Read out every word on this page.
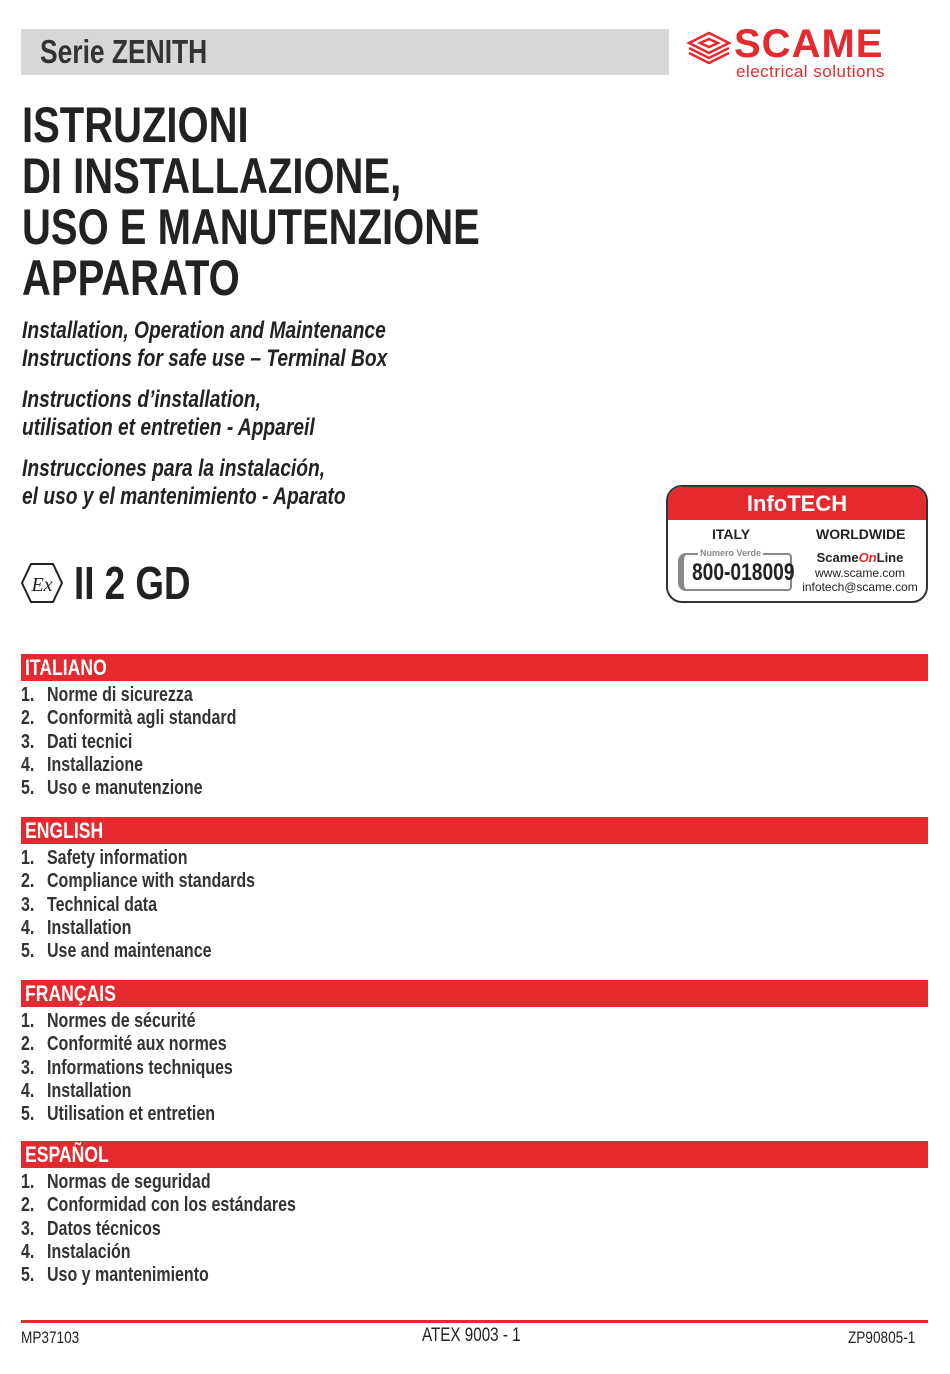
Serie ZENITH	SCAME
electrical solutions
ISTRUZIONI
DI INSTALLAZIONE,
USO E MANUTENZIONE
APPARATO
Installation, Operation and Maintenance
Instructions for safe use – Terminal Box
Instructions d’installation,
utilisation et entretien - Appareil
Instrucciones para la instalación,
el uso y el mantenimiento - Aparato
Ex II 2 GD
InfoTECH
ITALY	WORLDWIDE
Numero Verde
800-018009
ScameOnLine
www.scame.com
infotech@scame.com
ITALIANO
1. Norme di sicurezza
2. Conformità agli standard
3. Dati tecnici
4. Installazione
5. Uso e manutenzione
ENGLISH
1. Safety information
2. Compliance with standards
3. Technical data
4. Installation
5. Use and maintenance
FRANÇAIS
1. Normes de sécurité
2. Conformité aux normes
3. Informations techniques
4. Installation
5. Utilisation et entretien
ESPAÑOL
1. Normas de seguridad
2. Conformidad con los estándares
3. Datos técnicos
4. Instalación
5. Uso y mantenimiento
MP37103	ATEX 9003 - 1	ZP90805-1
